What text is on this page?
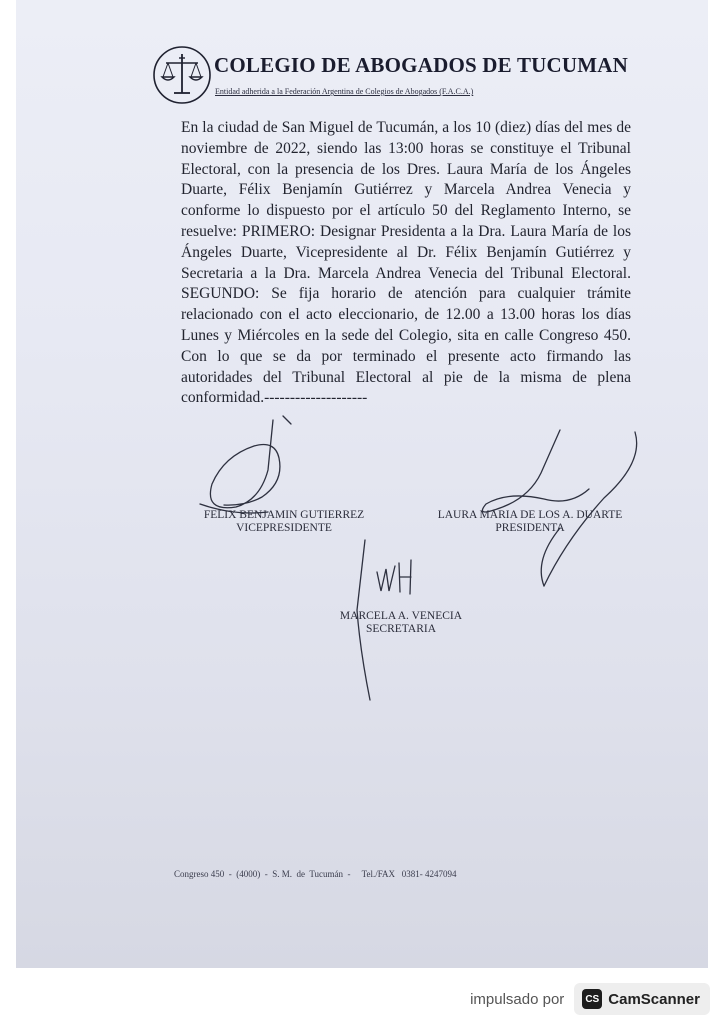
COLEGIO DE ABOGADOS DE TUCUMAN
Entidad adherida a la Federación Argentina de Colegios de Abogados (F.A.C.A.)

En la ciudad de San Miguel de Tucumán, a los 10 (diez) días del mes de noviembre de 2022, siendo las 13:00 horas se constituye el Tribunal Electoral, con la presencia de los Dres. Laura María de los Ángeles Duarte, Félix Benjamín Gutiérrez y Marcela Andrea Venecia y conforme lo dispuesto por el artículo 50 del Reglamento Interno, se resuelve: PRIMERO: Designar Presidenta a la Dra. Laura María de los Ángeles Duarte, Vicepresidente al Dr. Félix Benjamín Gutiérrez y Secretaria a la Dra. Marcela Andrea Venecia del Tribunal Electoral. SEGUNDO: Se fija horario de atención para cualquier trámite relacionado con el acto eleccionario, de 12.00 a 13.00 horas los días Lunes y Miércoles en la sede del Colegio, sita en calle Congreso 450. Con lo que se da por terminado el presente acto firmando las autoridades del Tribunal Electoral al pie de la misma de plena conformidad.--------------------

FELIX BENJAMIN GUTIERREZ
VICEPRESIDENTE
LAURA MARIA DE LOS A. DUARTE
PRESIDENTA
MARCELA A. VENECIA
SECRETARIA
Congreso 450  -  (4000)  -  S. M.  de  Tucumán  -     Tel./FAX   0381- 4247094
impulsado por	CS CamScanner
